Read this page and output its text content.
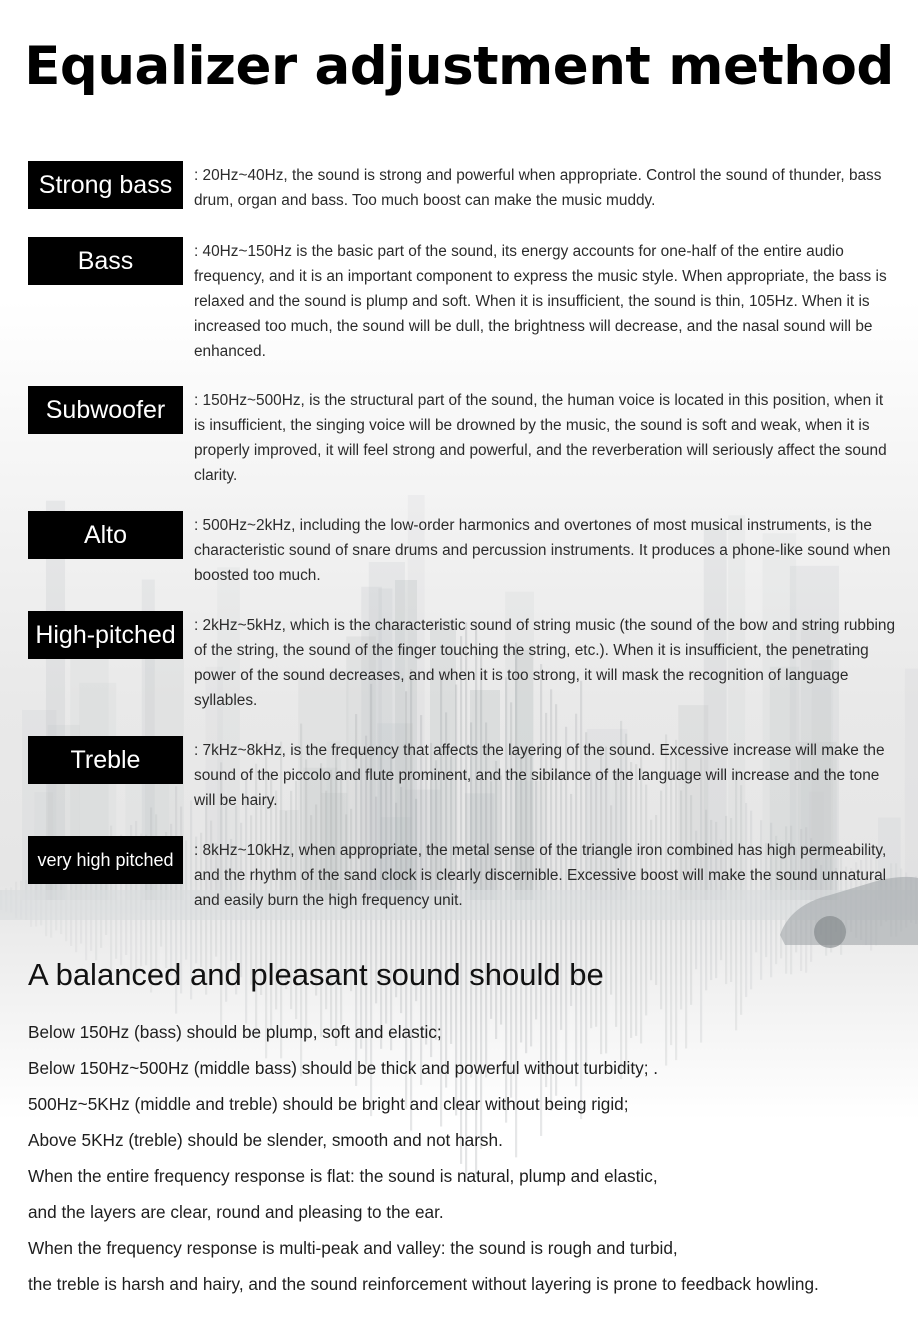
Equalizer adjustment method
Strong bass	: 20Hz~40Hz, the sound is strong and powerful when appropriate. Control the sound of thunder, bass drum, organ and bass. Too much boost can make the music muddy.

Bass	: 40Hz~150Hz is the basic part of the sound, its energy accounts for one-half of the entire audio frequency, and it is an important component to express the music style. When appropriate, the bass is relaxed and the sound is plump and soft. When it is insufficient, the sound is thin, 105Hz. When it is increased too much, the sound will be dull, the brightness will decrease, and the nasal sound will be enhanced.

Subwoofer	: 150Hz~500Hz, is the structural part of the sound, the human voice is located in this position, when it is insufficient, the singing voice will be drowned by the music, the sound is soft and weak, when it is properly improved, it will feel strong and powerful, and the reverberation will seriously affect the sound clarity.

Alto	: 500Hz~2kHz, including the low-order harmonics and overtones of most musical instruments, is the characteristic sound of snare drums and percussion instruments. It produces a phone-like sound when boosted too much.

High-pitched	: 2kHz~5kHz, which is the characteristic sound of string music (the sound of the bow and string rubbing of the string, the sound of the finger touching the string, etc.). When it is insufficient, the penetrating power of the sound decreases, and when it is too strong, it will mask the recognition of language syllables.

Treble	: 7kHz~8kHz, is the frequency that affects the layering of the sound. Excessive increase will make the sound of the piccolo and flute prominent, and the sibilance of the language will increase and the tone will be hairy.

very high pitched	: 8kHz~10kHz, when appropriate, the metal sense of the triangle iron combined has high permeability, and the rhythm of the sand clock is clearly discernible. Excessive boost will make the sound unnatural and easily burn the high frequency unit.

A balanced and pleasant sound should be
Below 150Hz (bass) should be plump, soft and elastic;
Below 150Hz~500Hz (middle bass) should be thick and powerful without turbidity; .
500Hz~5KHz (middle and treble) should be bright and clear without being rigid;
Above 5KHz (treble) should be slender, smooth and not harsh.
When the entire frequency response is flat: the sound is natural, plump and elastic,
and the layers are clear, round and pleasing to the ear.
When the frequency response is multi-peak and valley: the sound is rough and turbid,
the treble is harsh and hairy, and the sound reinforcement without layering is prone to feedback howling.
